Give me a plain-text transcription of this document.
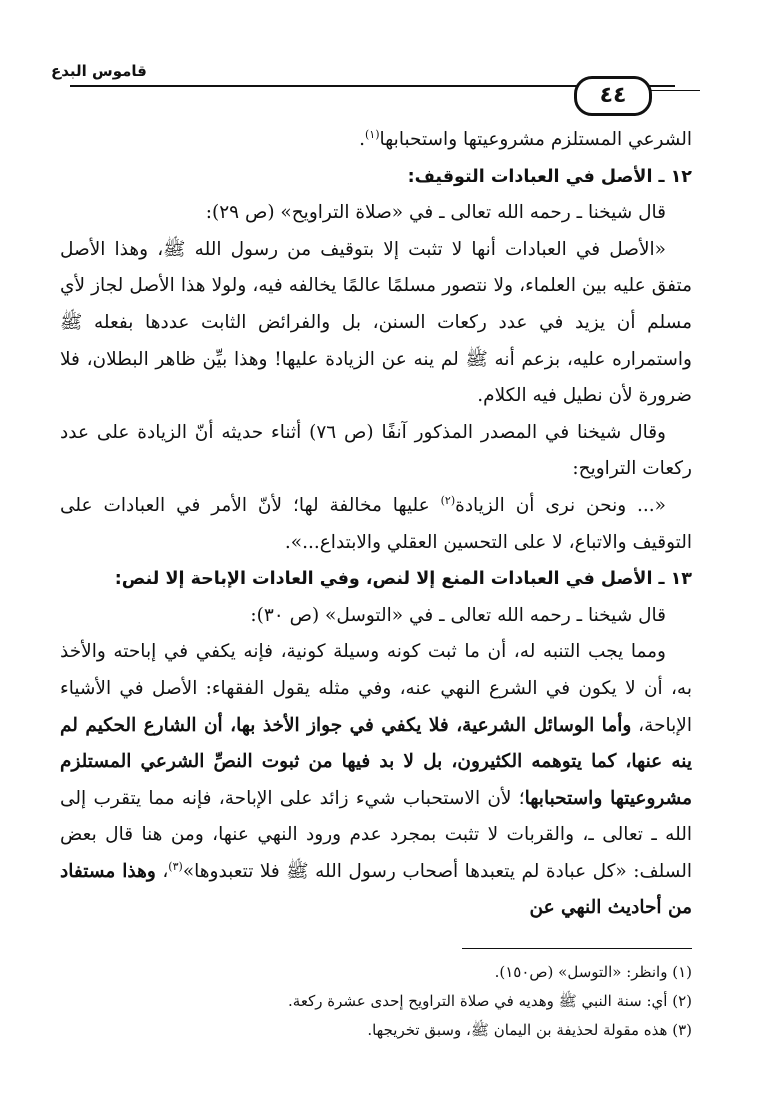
قاموس البدع
٤٤

الشرعي المستلزم مشروعيتها واستحبابها$^{(١)}$.

١٢ ـ الأصل في العبادات التوقيف:

قال شيخنا ـ رحمه الله تعالى ـ في «صلاة التراويح» (ص ٢٩):

«الأصل في العبادات أنها لا تثبت إلا بتوقيف من رسول الله ﷺ، وهذا الأصل متفق عليه بين العلماء، ولا نتصور مسلمًا عالمًا يخالفه فيه، ولولا هذا الأصل لجاز لأي مسلم أن يزيد في عدد ركعات السنن، بل والفرائض الثابت عددها بفعله ﷺ واستمراره عليه، بزعم أنه ﷺ لم ينه عن الزيادة عليها! وهذا بيِّن ظاهر البطلان، فلا ضرورة لأن نطيل فيه الكلام.

وقال شيخنا في المصدر المذكور آنفًا (ص ٧٦) أثناء حديثه أنّ الزيادة على عدد ركعات التراويح:

«... ونحن نرى أن الزيادة$^{(٢)}$ عليها مخالفة لها؛ لأنّ الأمر في العبادات على التوقيف والاتباع، لا على التحسين العقلي والابتداع...».

١٣ ـ الأصل في العبادات المنع إلا لنص، وفي العادات الإباحة إلا لنص:

قال شيخنا ـ رحمه الله تعالى ـ في «التوسل» (ص ٣٠):

ومما يجب التنبه له، أن ما ثبت كونه وسيلة كونية، فإنه يكفي في إباحته والأخذ به، أن لا يكون في الشرع النهي عنه، وفي مثله يقول الفقهاء: الأصل في الأشياء الإباحة، وأما الوسائل الشرعية، فلا يكفي في جواز الأخذ بها، أن الشارع الحكيم لم ينه عنها، كما يتوهمه الكثيرون، بل لا بد فيها من ثبوت النصِّ الشرعي المستلزم مشروعيتها واستحبابها؛ لأن الاستحباب شيء زائد على الإباحة، فإنه مما يتقرب إلى الله ـ تعالى ـ، والقربات لا تثبت بمجرد عدم ورود النهي عنها، ومن هنا قال بعض السلف: «كل عبادة لم يتعبدها أصحاب رسول الله ﷺ فلا تتعبدوها»$^{(٣)}$، وهذا مستفاد من أحاديث النهي عن

(١) وانظر: «التوسل» (ص١٥٠).
(٢) أي: سنة النبي ﷺ وهديه في صلاة التراويح إحدى عشرة ركعة.
(٣) هذه مقولة لحذيفة بن اليمان ﷺ، وسبق تخريجها.
